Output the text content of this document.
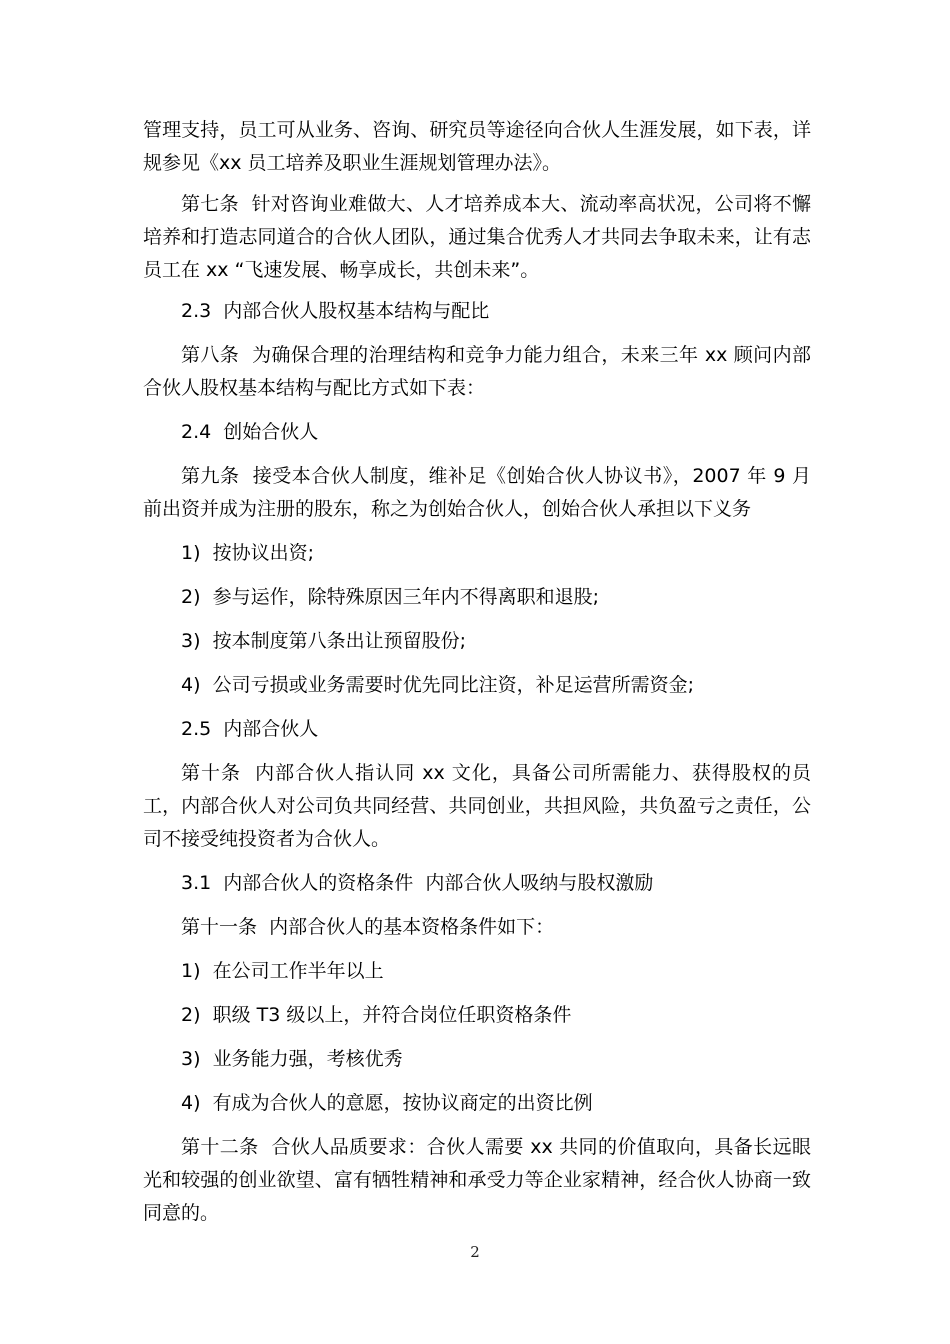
管理支持，员工可从业务、咨询、研究员等途径向合伙人生涯发展，如下表，详规参见《xx 员工培养及职业生涯规划管理办法》。

第七条  针对咨询业难做大、人才培养成本大、流动率高状况，公司将不懈培养和打造志同道合的合伙人团队，通过集合优秀人才共同去争取未来，让有志员工在 xx “飞速发展、畅享成长，共创未来”。

2.3  内部合伙人股权基本结构与配比

第八条  为确保合理的治理结构和竞争力能力组合，未来三年 xx 顾问内部合伙人股权基本结构与配比方式如下表：

2.4  创始合伙人

第九条  接受本合伙人制度，维补足《创始合伙人协议书》，2007 年 9 月前出资并成为注册的股东，称之为创始合伙人，创始合伙人承担以下义务

1)  按协议出资;

2)  参与运作，除特殊原因三年内不得离职和退股;

3)  按本制度第八条出让预留股份;

4)  公司亏损或业务需要时优先同比注资，补足运营所需资金;

2.5  内部合伙人

第十条  内部合伙人指认同 xx 文化，具备公司所需能力、获得股权的员工，内部合伙人对公司负共同经营、共同创业，共担风险，共负盈亏之责任，公司不接受纯投资者为合伙人。

3.1  内部合伙人的资格条件  内部合伙人吸纳与股权激励

第十一条  内部合伙人的基本资格条件如下：

1)  在公司工作半年以上

2)  职级 T3 级以上，并符合岗位任职资格条件

3)  业务能力强，考核优秀

4)  有成为合伙人的意愿，按协议商定的出资比例

第十二条  合伙人品质要求：合伙人需要 xx 共同的价值取向，具备长远眼光和较强的创业欲望、富有牺牲精神和承受力等企业家精神，经合伙人协商一致同意的。

2
